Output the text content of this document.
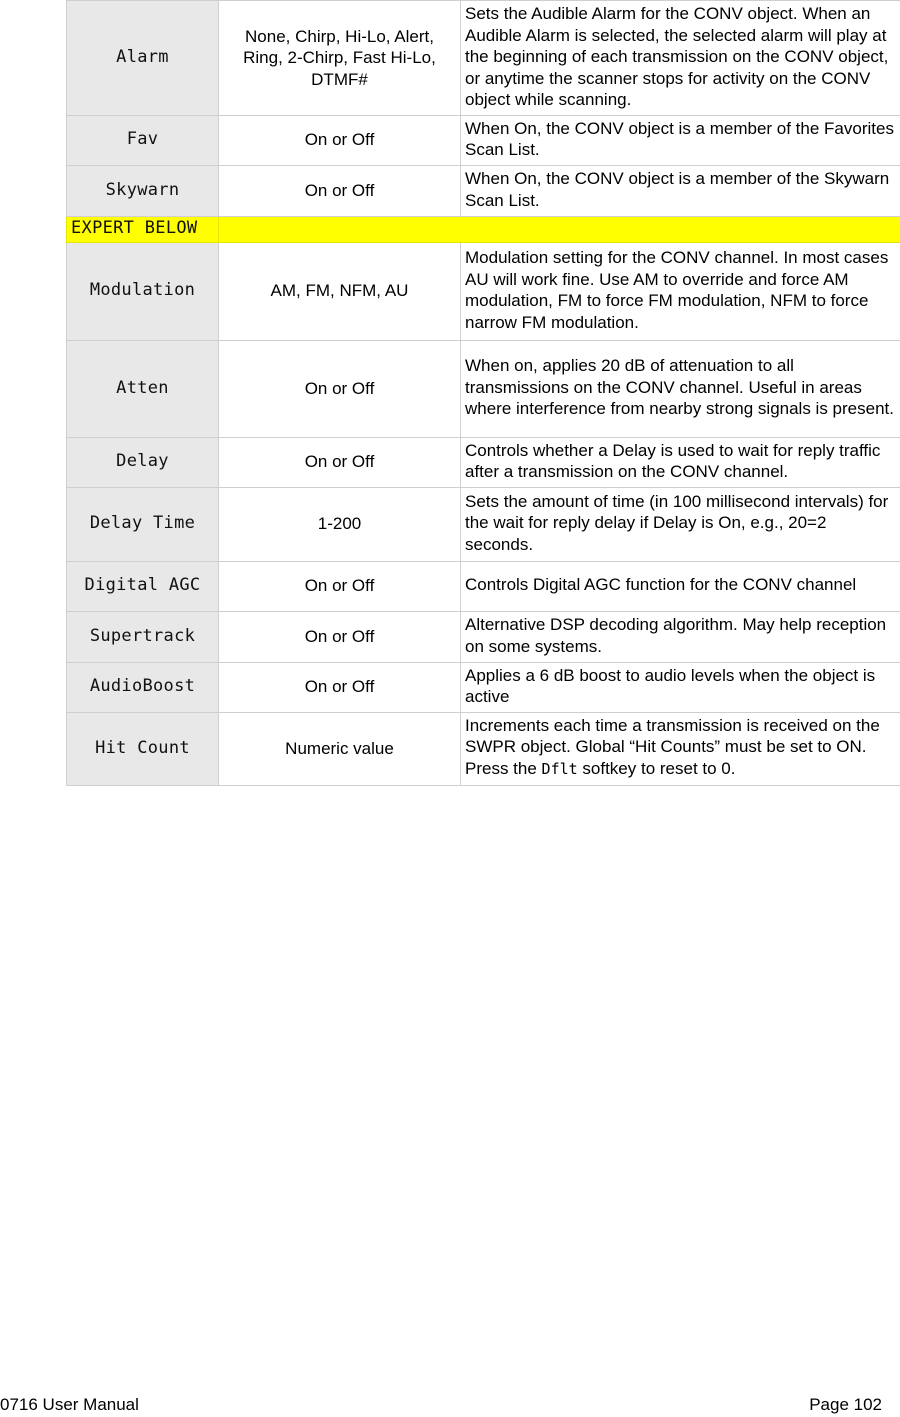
Alarm	None, Chirp, Hi-Lo, Alert, Ring, 2-Chirp, Fast Hi-Lo, DTMF#	Sets the Audible Alarm for the CONV object. When an Audible Alarm is selected, the selected alarm will play at the beginning of each transmission on the CONV object, or anytime the scanner stops for activity on the CONV object while scanning.
Fav	On or Off	When On, the CONV object is a member of the Favorites Scan List.
Skywarn	On or Off	When On, the CONV object is a member of the Skywarn Scan List.
EXPERT BELOW		
Modulation	AM, FM, NFM, AU	Modulation setting for the CONV channel. In most cases AU will work fine. Use AM to override and force AM modulation, FM to force FM modulation, NFM to force narrow FM modulation.
Atten	On or Off	When on, applies 20 dB of attenuation to all transmissions on the CONV channel. Useful in areas where interference from nearby strong signals is present.
Delay	On or Off	Controls whether a Delay is used to wait for reply traffic after a transmission on the CONV channel.
Delay Time	1-200	Sets the amount of time (in 100 millisecond intervals) for the wait for reply delay if Delay is On, e.g., 20=2 seconds.
Digital AGC	On or Off	Controls Digital AGC function for the CONV channel
Supertrack	On or Off	Alternative DSP decoding algorithm. May help reception on some systems.
AudioBoost	On or Off	Applies a 6 dB boost to audio levels when the object is active
Hit Count	Numeric value	Increments each time a transmission is received on the SWPR object. Global “Hit Counts” must be set to ON. Press the Dflt softkey to reset to 0.
0716 User Manual	Page 102
